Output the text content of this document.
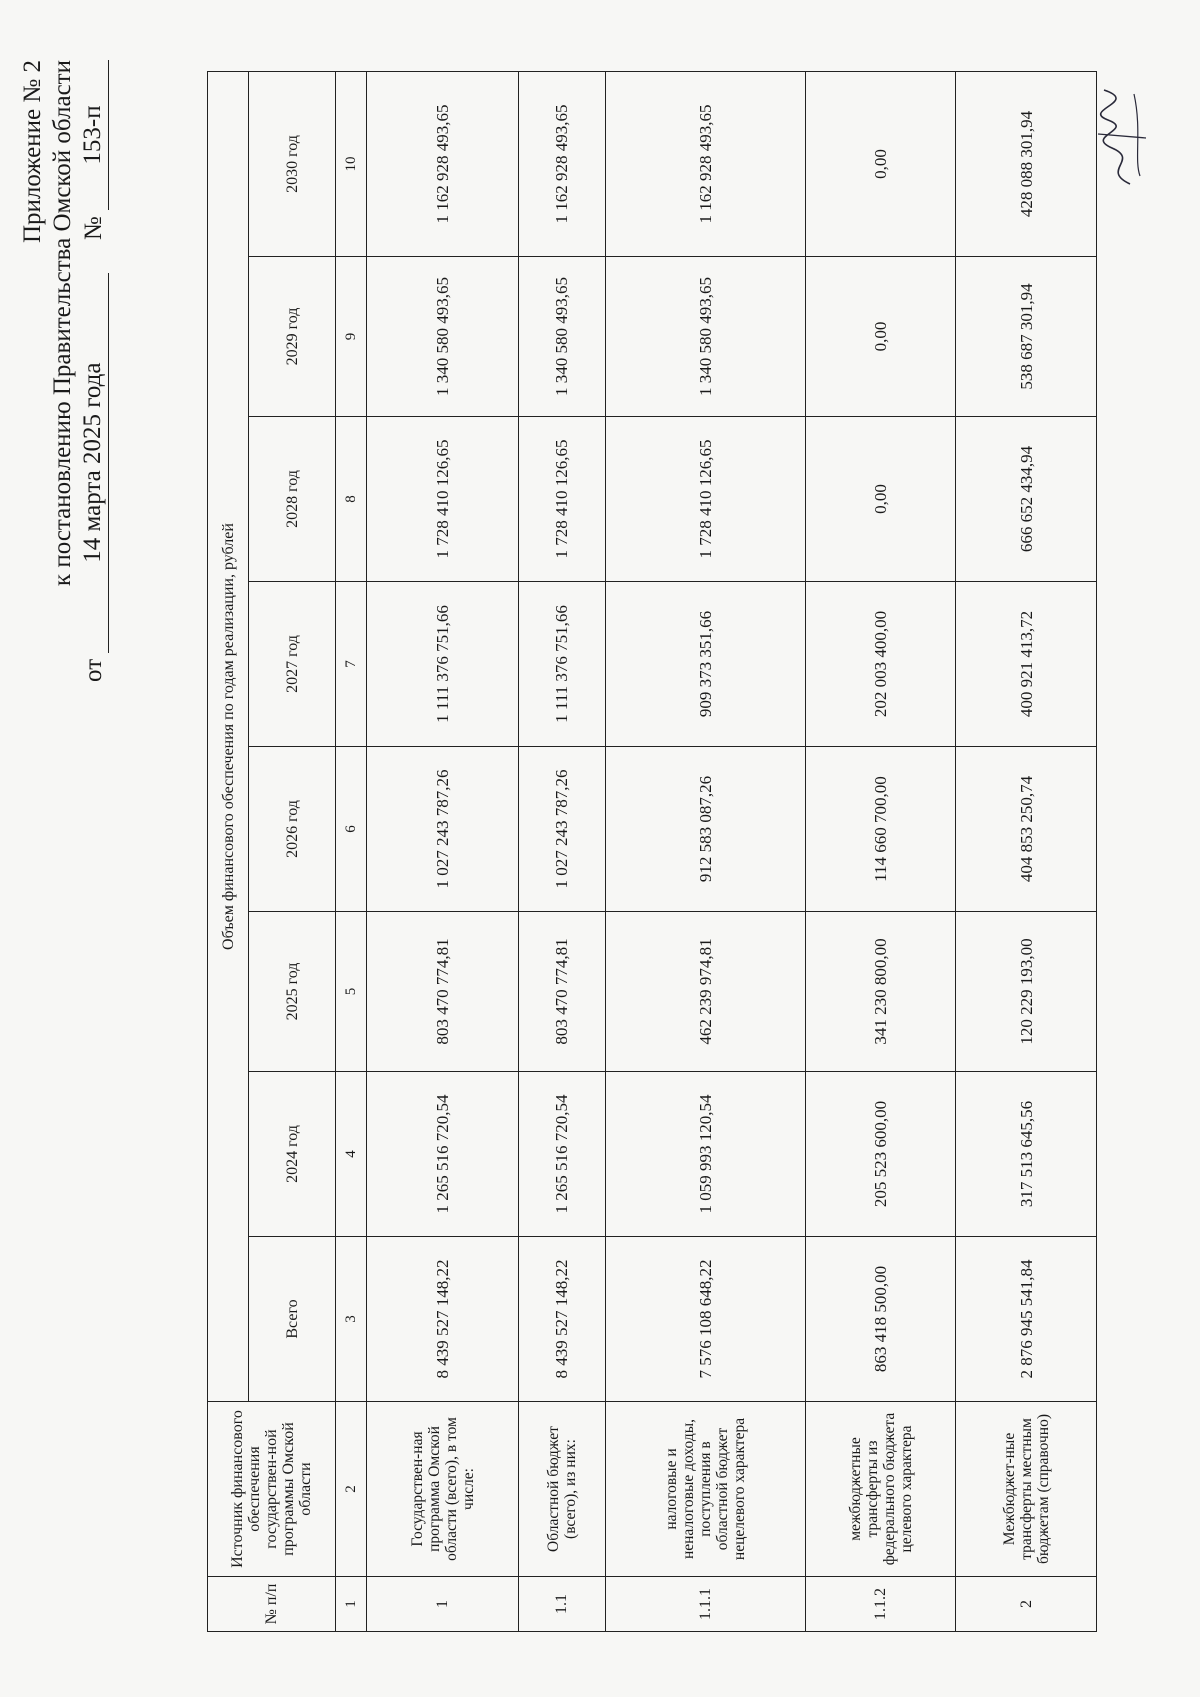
Приложение № 2 к постановлению Правительства Омской области
от 14 марта 2025 года  № 153-п
№ п/п	Источник финансового обеспечения государствен-ной программы Омской области	Объем финансового обеспечения по годам реализации, рублей							
		Всего	2024 год	2025 год	2026 год	2027 год	2028 год	2029 год	2030 год
1	2	3	4	5	6	7	8	9	10
1	Государствен-ная программа Омской области (всего), в том числе:	8 439 527 148,22	1 265 516 720,54	803 470 774,81	1 027 243 787,26	1 111 376 751,66	1 728 410 126,65	1 340 580 493,65	1 162 928 493,65
1.1	Областной бюджет (всего), из них:	8 439 527 148,22	1 265 516 720,54	803 470 774,81	1 027 243 787,26	1 111 376 751,66	1 728 410 126,65	1 340 580 493,65	1 162 928 493,65
1.1.1	налоговые и неналоговые доходы, поступления в областной бюджет нецелевого характера	7 576 108 648,22	1 059 993 120,54	462 239 974,81	912 583 087,26	909 373 351,66	1 728 410 126,65	1 340 580 493,65	1 162 928 493,65
1.1.2	межбюджетные трансферты из федерального бюджета целевого характера	863 418 500,00	205 523 600,00	341 230 800,00	114 660 700,00	202 003 400,00	0,00	0,00	0,00
2	Межбюджет-ные трансферты местным бюджетам (справочно)	2 876 945 541,84	317 513 645,56	120 229 193,00	404 853 250,74	400 921 413,72	666 652 434,94	538 687 301,94	428 088 301,94
